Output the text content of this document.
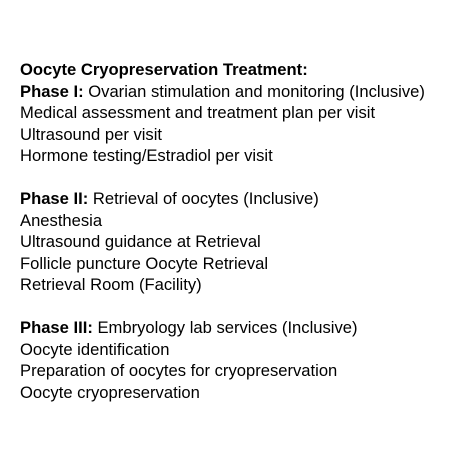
Oocyte Cryopreservation Treatment:
Phase I: Ovarian stimulation and monitoring (Inclusive)
Medical assessment and treatment plan per visit
Ultrasound per visit
Hormone testing/Estradiol per visit
Phase II: Retrieval of oocytes (Inclusive)
Anesthesia
Ultrasound guidance at Retrieval
Follicle puncture Oocyte Retrieval
Retrieval Room (Facility)
Phase III: Embryology lab services (Inclusive)
Oocyte identification
Preparation of oocytes for cryopreservation
Oocyte cryopreservation
